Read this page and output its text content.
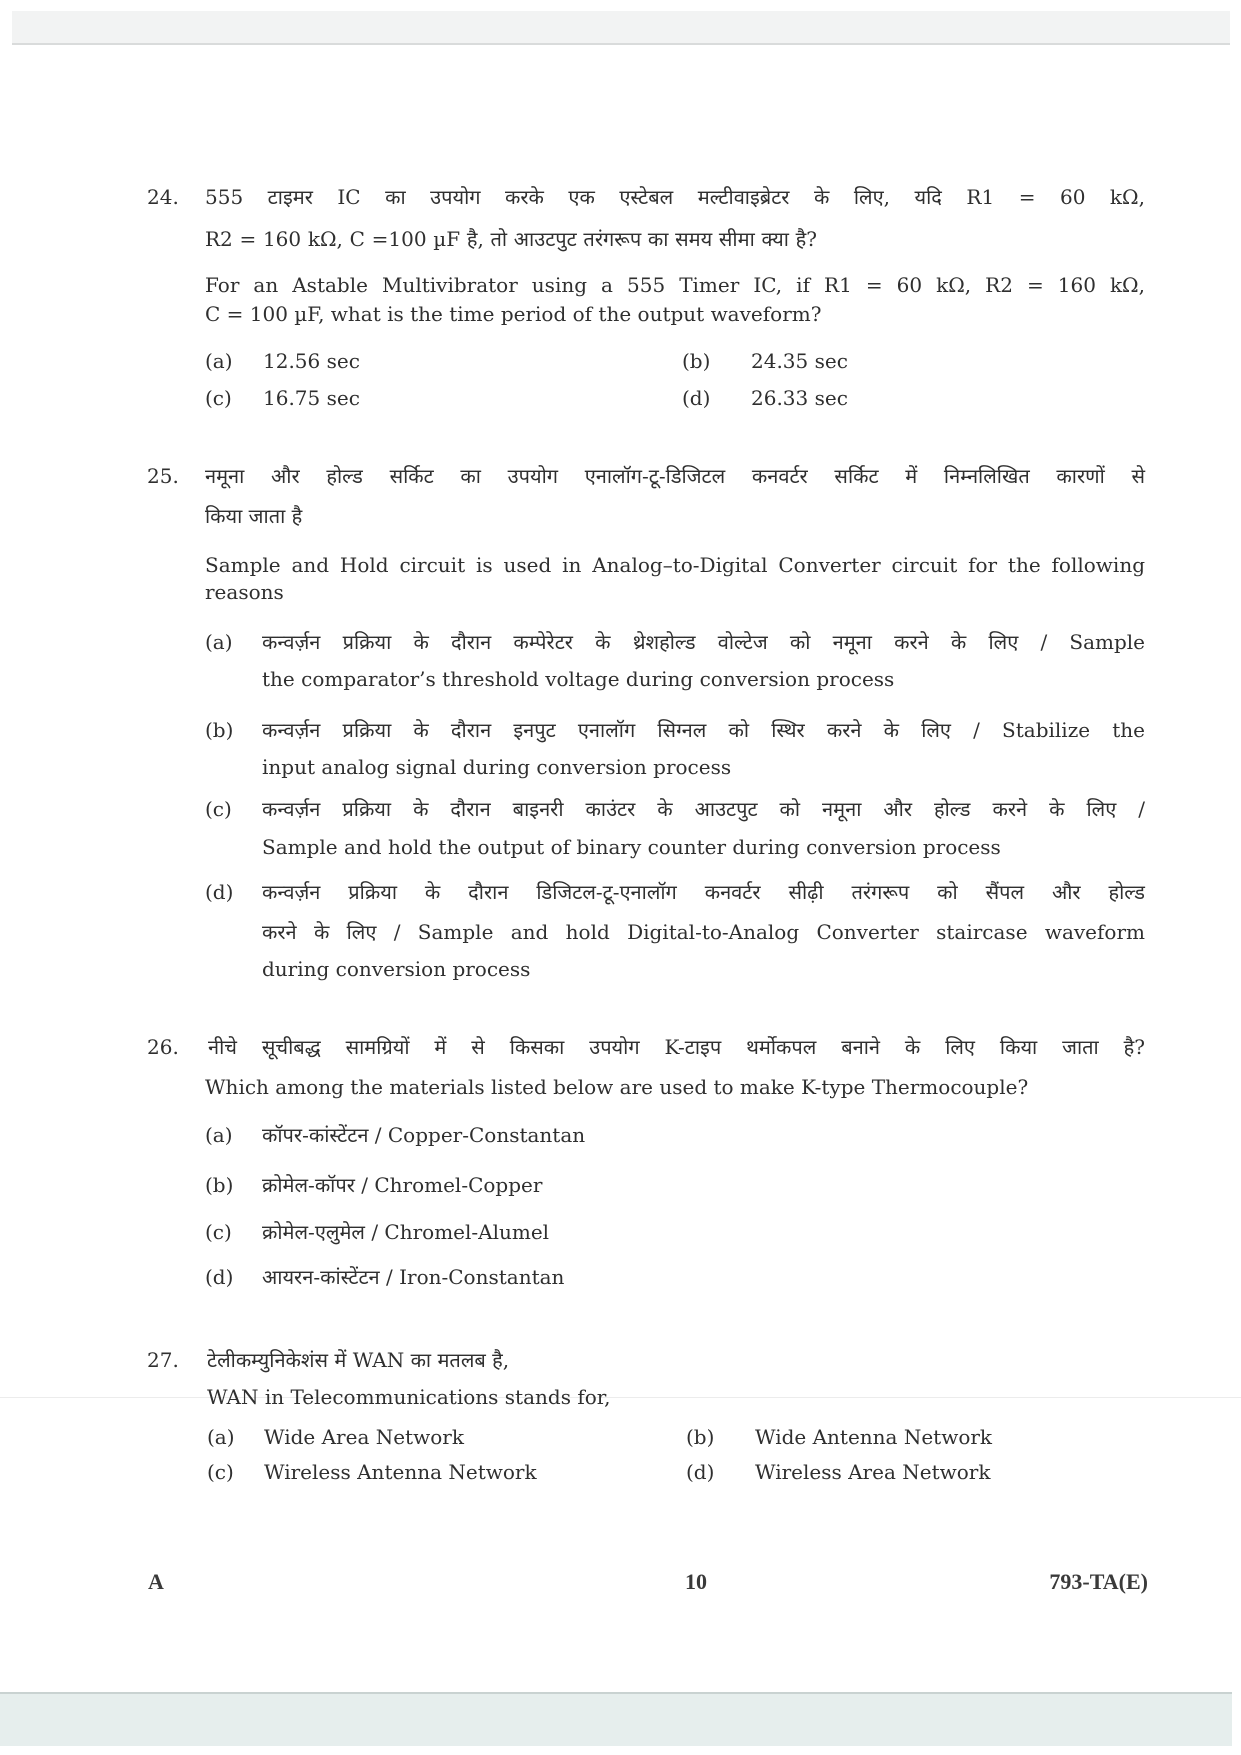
24. 555 टाइमर IC का उपयोग करके एक एस्टेबल मल्टीवाइब्रेटर के लिए, यदि R1 = 60 kΩ,
R2 = 160 kΩ, C =100 µF है, तो आउटपुट तरंगरूप का समय सीमा क्या है?
For an Astable Multivibrator using a 555 Timer IC, if R1 = 60 kΩ, R2 = 160 kΩ,
C = 100 µF, what is the time period of the output waveform?
(a) 12.56 sec	(b) 24.35 sec
(c) 16.75 sec	(d) 26.33 sec
25. नमूना और होल्ड सर्किट का उपयोग एनालॉग-टू-डिजिटल कनवर्टर सर्किट में निम्नलिखित कारणों से
किया जाता है
Sample and Hold circuit is used in Analog–to-Digital Converter circuit for the following
reasons
(a) कन्वर्ज़न प्रक्रिया के दौरान कम्पेरेटर के थ्रेशहोल्ड वोल्टेज को नमूना करने के लिए / Sample
the comparator’s threshold voltage during conversion process
(b) कन्वर्ज़न प्रक्रिया के दौरान इनपुट एनालॉग सिग्नल को स्थिर करने के लिए / Stabilize the
input analog signal during conversion process
(c) कन्वर्ज़न प्रक्रिया के दौरान बाइनरी काउंटर के आउटपुट को नमूना और होल्ड करने के लिए /
Sample and hold the output of binary counter during conversion process
(d) कन्वर्ज़न प्रक्रिया के दौरान डिजिटल-टू-एनालॉग कनवर्टर सीढ़ी तरंगरूप को सैंपल और होल्ड
करने के लिए / Sample and hold Digital-to-Analog Converter staircase waveform
during conversion process
26. नीचे सूचीबद्ध सामग्रियों में से किसका उपयोग K-टाइप थर्मोकपल बनाने के लिए किया जाता है?
Which among the materials listed below are used to make K-type Thermocouple?
(a) कॉपर-कांस्टेंटन / Copper-Constantan
(b) क्रोमेल-कॉपर / Chromel-Copper
(c) क्रोमेल-एलुमेल / Chromel-Alumel
(d) आयरन-कांस्टेंटन / Iron-Constantan
27. टेलीकम्युनिकेशंस में WAN का मतलब है,
WAN in Telecommunications stands for,
(a) Wide Area Network	(b) Wide Antenna Network
(c) Wireless Antenna Network	(d) Wireless Area Network
A	10	793-TA(E)
